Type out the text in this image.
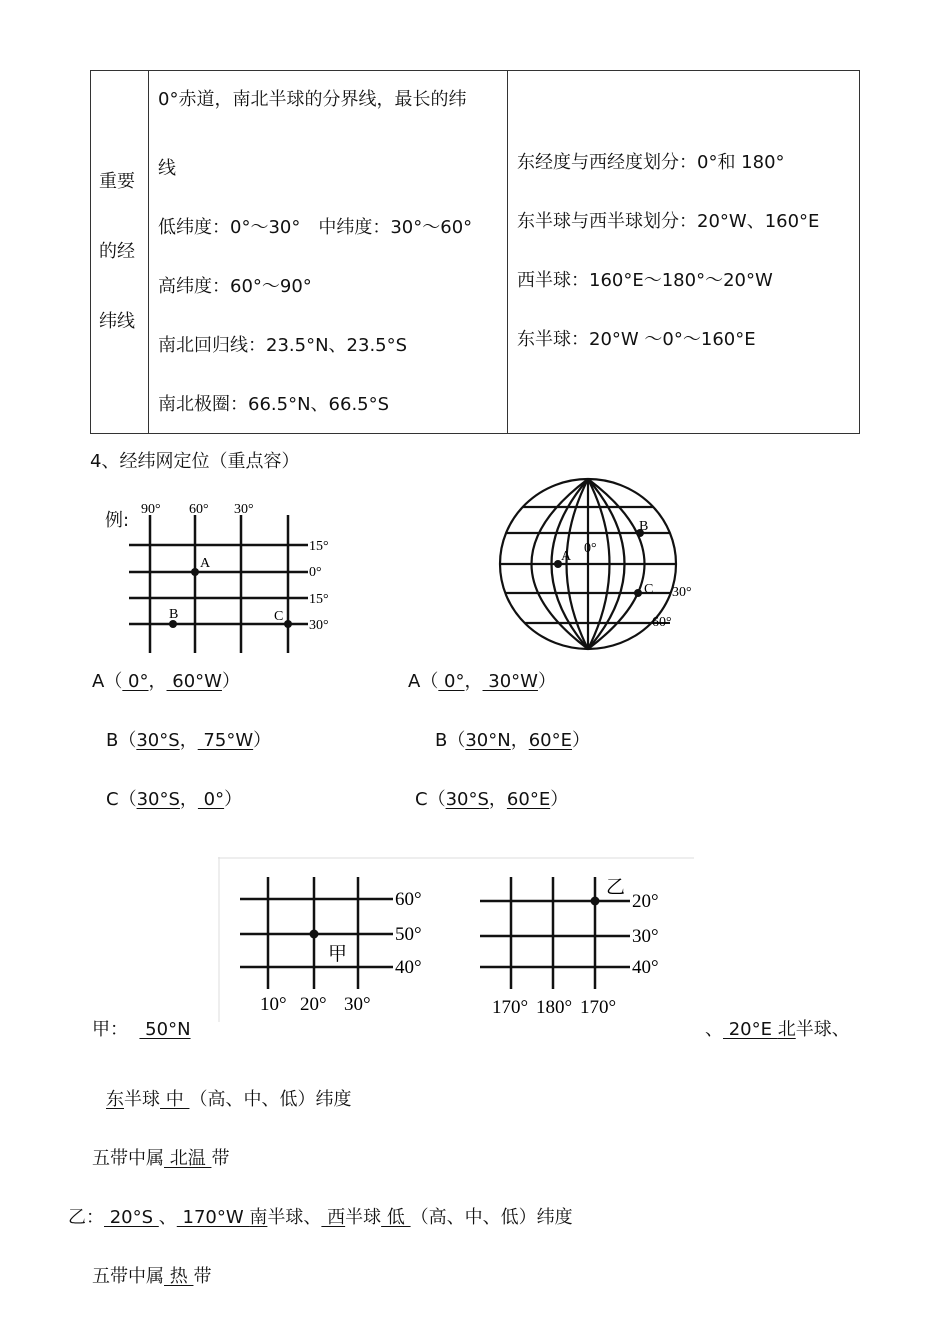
重要
的经
纬线

0°赤道，南北半球的分界线，最长的纬
线
低纬度：0°～30°　中纬度：30°～60°
高纬度：60°～90°
南北回归线：23.5°N、23.5°S
南北极圈：66.5°N、66.5°S

东经度与西经度划分：0°和 180°
东半球与西半球划分：20°W、160°E
西半球：160°E～180°～20°W
东半球：20°W ～0°～160°E
4、经纬网定位（重点容）
例:
90° 60° 30°
15°
0°
15°
30°
A
B	C
A
B
C
0°
30°
60°
A（ 0°， 60°W）
B（30°S， 75°W）
C（30°S， 0°）
A（ 0°， 30°W）
B（30°N，60°E）
C（30°S，60°E）
甲
60°
50°
40°
10° 20° 30°
乙
20°
30°
40°
170° 180° 170°
甲：   50°N	、 20°E 北半球、
东半球 中 （高、中、低）纬度
五带中属 北温 带
乙： 20°S 、 170°W 南半球、 西半球 低 （高、中、低）纬度
五带中属 热 带
